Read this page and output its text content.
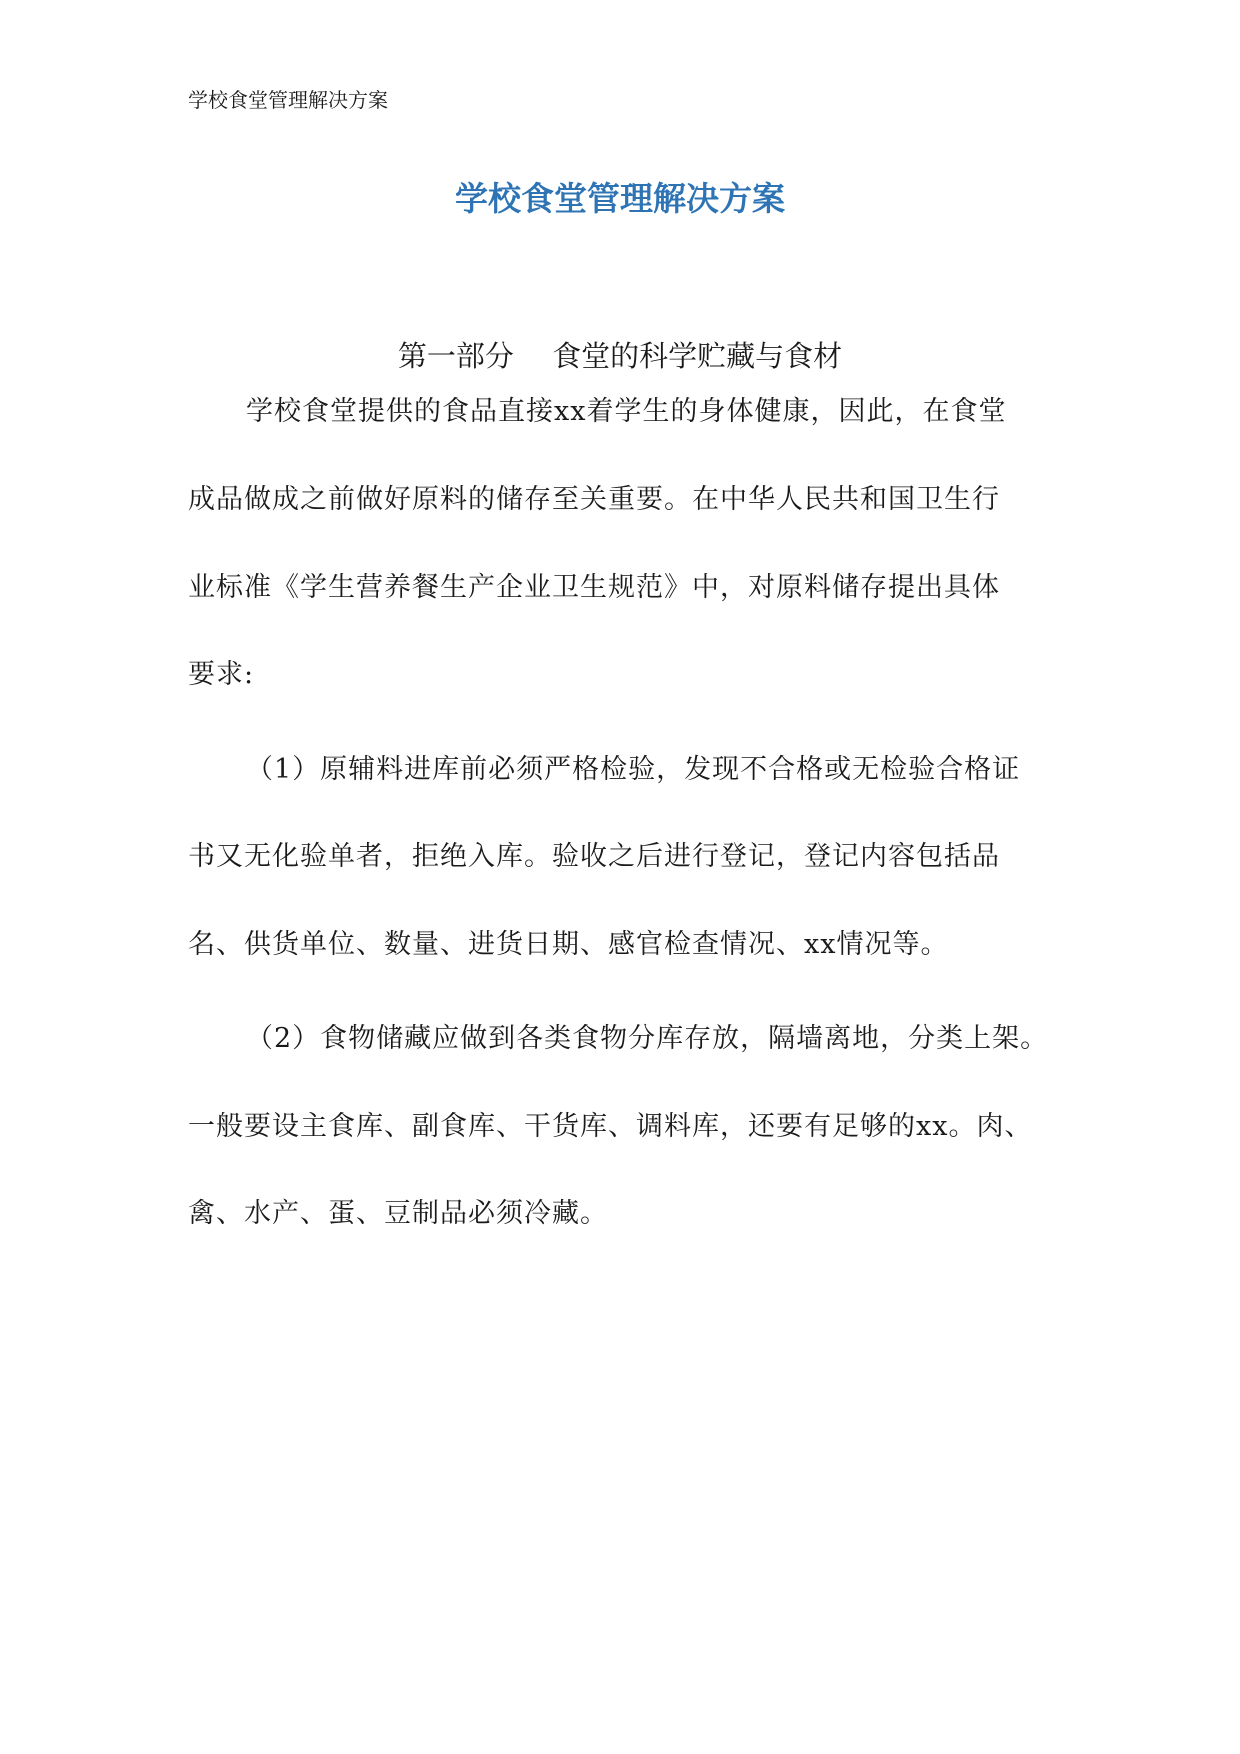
学校食堂管理解决方案
学校食堂管理解决方案
第一部分　 食堂的科学贮藏与食材
学校食堂提供的食品直接xx着学生的身体健康，因此，在食堂
成品做成之前做好原料的储存至关重要。在中华人民共和国卫生行
业标准《学生营养餐生产企业卫生规范》中，对原料储存提出具体
要求:
（1）原辅料进库前必须严格检验，发现不合格或无检验合格证
书又无化验单者，拒绝入库。验收之后进行登记，登记内容包括品
名、供货单位、数量、进货日期、感官检查情况、xx情况等。
（2）食物储藏应做到各类食物分库存放，隔墙离地，分类上架。
一般要设主食库、副食库、干货库、调料库，还要有足够的xx。肉、
禽、水产、蛋、豆制品必须冷藏。
